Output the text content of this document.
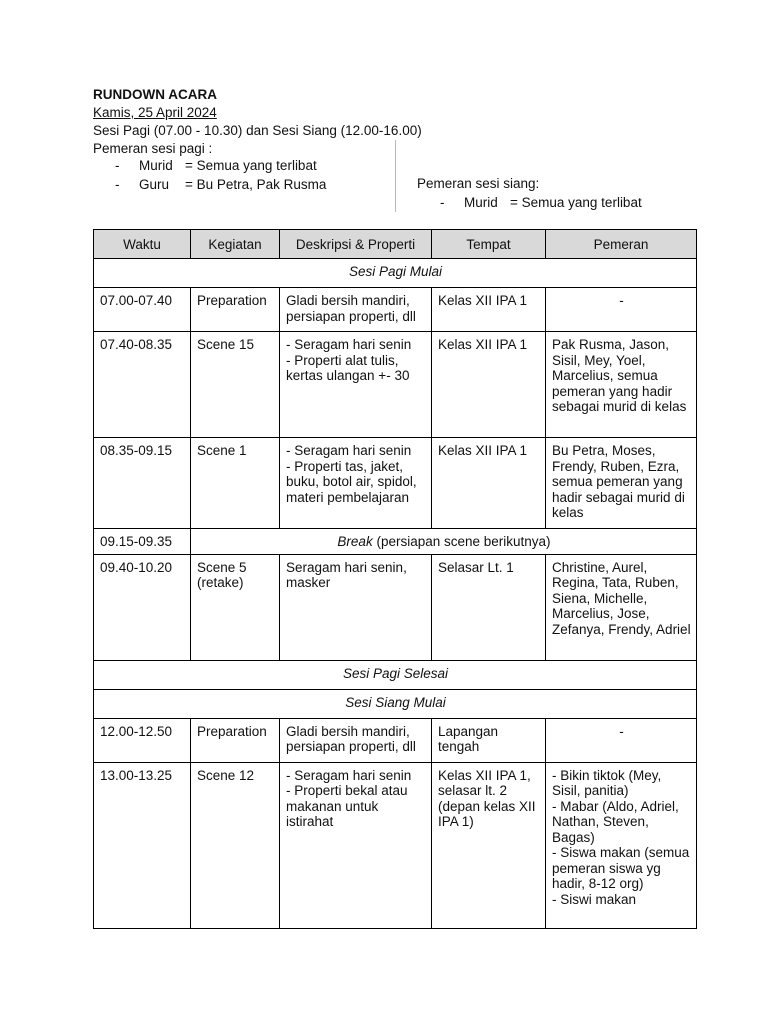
RUNDOWN ACARA
Kamis, 25 April 2024
Sesi Pagi (07.00 - 10.30) dan Sesi Siang (12.00-16.00)
Pemeran sesi pagi :
- Murid = Semua yang terlibat
- Guru = Bu Petra, Pak Rusma	Pemeran sesi siang:
- Murid = Semua yang terlibat
Waktu	Kegiatan	Deskripsi & Properti	Tempat	Pemeran
Sesi Pagi Mulai				
07.00-07.40	Preparation	Gladi bersih mandiri, persiapan properti, dll	Kelas XII IPA 1	-
07.40-08.35	Scene 15	- Seragam hari senin
- Properti alat tulis, kertas ulangan +- 30	Kelas XII IPA 1	Pak Rusma, Jason, Sisil, Mey, Yoel, Marcelius, semua pemeran yang hadir sebagai murid di kelas
08.35-09.15	Scene 1	- Seragam hari senin
- Properti tas, jaket, buku, botol air, spidol, materi pembelajaran	Kelas XII IPA 1	Bu Petra, Moses, Frendy, Ruben, Ezra, semua pemeran yang hadir sebagai murid di kelas
09.15-09.35	Break (persiapan scene berikutnya)			
09.40-10.20	Scene 5
(retake)	Seragam hari senin, masker	Selasar Lt. 1	Christine, Aurel, Regina, Tata, Ruben, Siena, Michelle, Marcelius, Jose, Zefanya, Frendy, Adriel
Sesi Pagi Selesai				
Sesi Siang Mulai				
12.00-12.50	Preparation	Gladi bersih mandiri, persiapan properti, dll	Lapangan tengah	-
13.00-13.25	Scene 12	- Seragam hari senin
- Properti bekal atau makanan untuk istirahat	Kelas XII IPA 1, selasar lt. 2 (depan kelas XII IPA 1)	- Bikin tiktok (Mey, Sisil, panitia)
- Mabar (Aldo, Adriel, Nathan, Steven, Bagas)
- Siswa makan (semua pemeran siswa yg hadir, 8-12 org)
- Siswi makan
